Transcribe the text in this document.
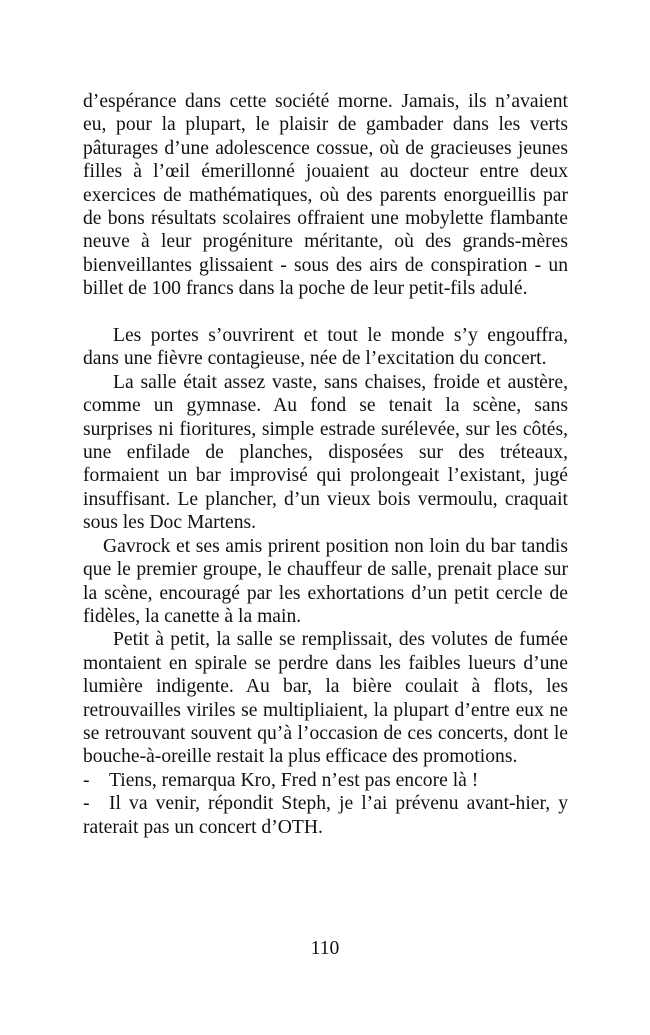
d’espérance dans cette société morne. Jamais, ils n’avaient eu, pour la plupart, le plaisir de gambader dans les verts pâturages d’une adolescence cossue, où de gracieuses jeunes filles à l’œil émerillonné jouaient au docteur entre deux exercices de mathématiques, où des parents enorgueillis par de bons résultats scolaires offraient une mobylette flambante neuve à leur progéniture méritante, où des grands-mères bienveillantes glissaient - sous des airs de conspiration - un billet de 100 francs dans la poche de leur petit-fils adulé.

Les portes s’ouvrirent et tout le monde s’y engouffra, dans une fièvre contagieuse, née de l’excitation du concert.

La salle était assez vaste, sans chaises, froide et austère, comme un gymnase. Au fond se tenait la scène, sans surprises ni fioritures, simple estrade surélevée, sur les côtés, une enfilade de planches, disposées sur des tréteaux, formaient un bar improvisé qui prolongeait l’existant, jugé insuffisant. Le plancher, d’un vieux bois vermoulu, craquait sous les Doc Martens.

Gavrock et ses amis prirent position non loin du bar tandis que le premier groupe, le chauffeur de salle, prenait place sur la scène, encouragé par les exhortations d’un petit cercle de fidèles, la canette à la main.

Petit à petit, la salle se remplissait, des volutes de fumée montaient en spirale se perdre dans les faibles lueurs d’une lumière indigente. Au bar, la bière coulait à flots, les retrouvailles viriles se multipliaient, la plupart d’entre eux ne se retrouvant souvent qu’à l’occasion de ces concerts, dont le bouche-à-oreille restait la plus efficace des promotions.

- Tiens, remarqua Kro, Fred n’est pas encore là !

- Il va venir, répondit Steph, je l’ai prévenu avant-hier, y raterait pas un concert d’OTH.

110
